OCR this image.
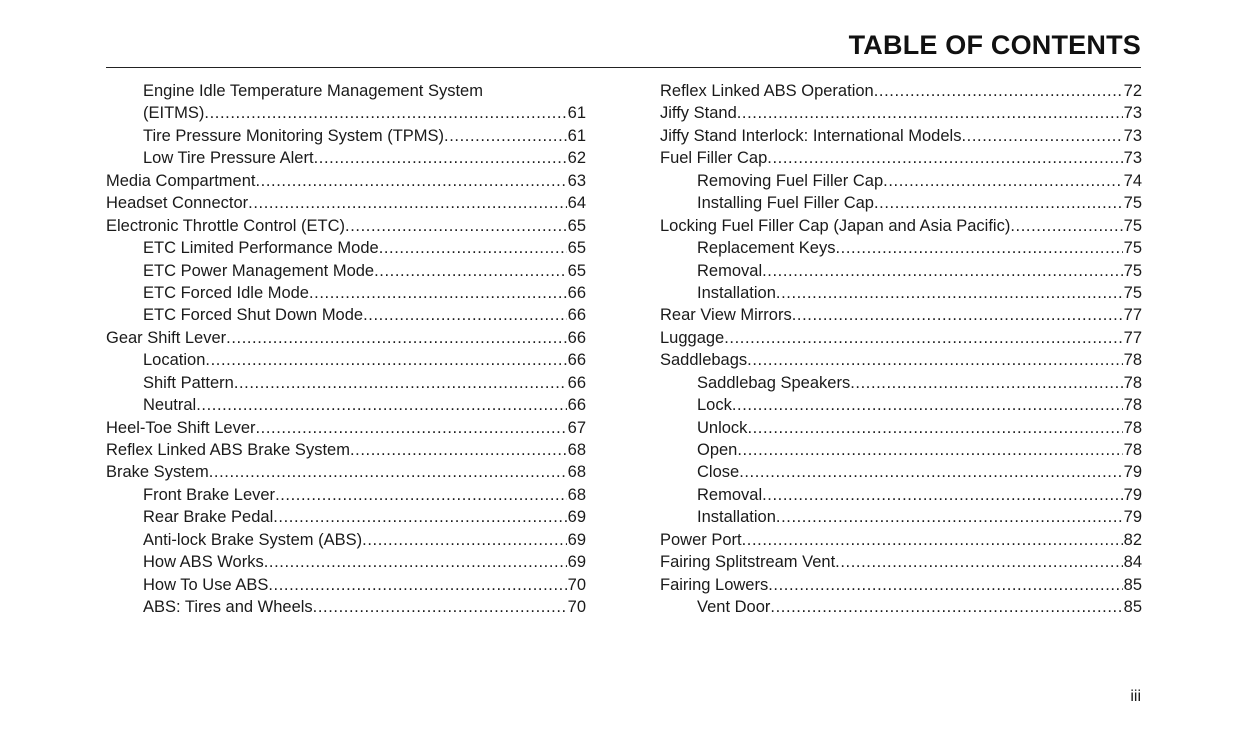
TABLE OF CONTENTS
Engine Idle Temperature Management System
(EITMS) .....	61
Tire Pressure Monitoring System (TPMS) .....	61
Low Tire Pressure Alert .....	62
Media Compartment .....	63
Headset Connector .....	64
Electronic Throttle Control (ETC) .....	65
ETC Limited Performance Mode .....	65
ETC Power Management Mode .....	65
ETC Forced Idle Mode .....	66
ETC Forced Shut Down Mode .....	66
Gear Shift Lever .....	66
Location .....	66
Shift Pattern .....	66
Neutral .....	66
Heel-Toe Shift Lever .....	67
Reflex Linked ABS Brake System .....	68
Brake System .....	68
Front Brake Lever .....	68
Rear Brake Pedal .....	69
Anti-lock Brake System (ABS) .....	69
How ABS Works .....	69
How To Use ABS .....	70
ABS: Tires and Wheels .....	70
Reflex Linked ABS Operation .....	72
Jiffy Stand .....	73
Jiffy Stand Interlock: International Models .....	73
Fuel Filler Cap .....	73
Removing Fuel Filler Cap .....	74
Installing Fuel Filler Cap .....	75
Locking Fuel Filler Cap (Japan and Asia Pacific) .....	75
Replacement Keys .....	75
Removal .....	75
Installation .....	75
Rear View Mirrors .....	77
Luggage .....	77
Saddlebags .....	78
Saddlebag Speakers .....	78
Lock .....	78
Unlock .....	78
Open .....	78
Close .....	79
Removal .....	79
Installation .....	79
Power Port .....	82
Fairing Splitstream Vent .....	84
Fairing Lowers .....	85
Vent Door .....	85
iii
